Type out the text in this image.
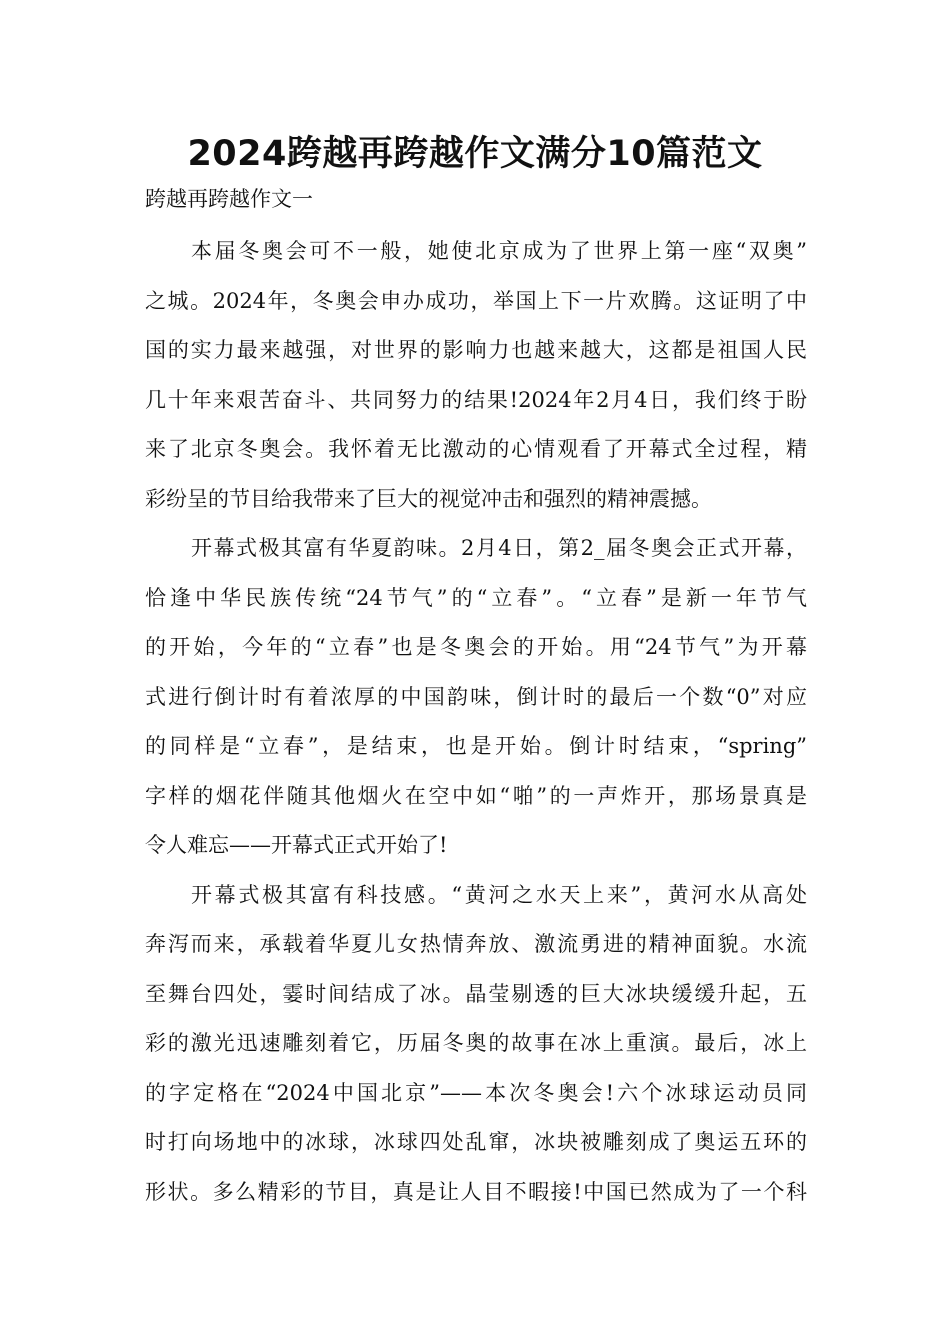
2024跨越再跨越作文满分10篇范文
跨越再跨越作文一
本届冬奥会可不一般，她使北京成为了世界上第一座“双奥”
之城。2024年，冬奥会申办成功，举国上下一片欢腾。这证明了中
国的实力最来越强，对世界的影响力也越来越大，这都是祖国人民
几十年来艰苦奋斗、共同努力的结果!2024年2月4日，我们终于盼
来了北京冬奥会。我怀着无比激动的心情观看了开幕式全过程，精
彩纷呈的节目给我带来了巨大的视觉冲击和强烈的精神震撼。
开幕式极其富有华夏韵味。2月4日，第2_届冬奥会正式开幕，
恰逢中华民族传统“24节气”的“立春”。“立春”是新一年节气
的开始，今年的“立春”也是冬奥会的开始。用“24节气”为开幕
式进行倒计时有着浓厚的中国韵味，倒计时的最后一个数“0”对应
的同样是“立春”，是结束，也是开始。倒计时结束，“spring”
字样的烟花伴随其他烟火在空中如“啪”的一声炸开，那场景真是
令人难忘——开幕式正式开始了!
开幕式极其富有科技感。“黄河之水天上来”，黄河水从高处
奔泻而来，承载着华夏儿女热情奔放、激流勇进的精神面貌。水流
至舞台四处，霎时间结成了冰。晶莹剔透的巨大冰块缓缓升起，五
彩的激光迅速雕刻着它，历届冬奥的故事在冰上重演。最后，冰上
的字定格在“2024中国北京”——本次冬奥会!六个冰球运动员同
时打向场地中的冰球，冰球四处乱窜，冰块被雕刻成了奥运五环的
形状。多么精彩的节目，真是让人目不暇接!中国已然成为了一个科
